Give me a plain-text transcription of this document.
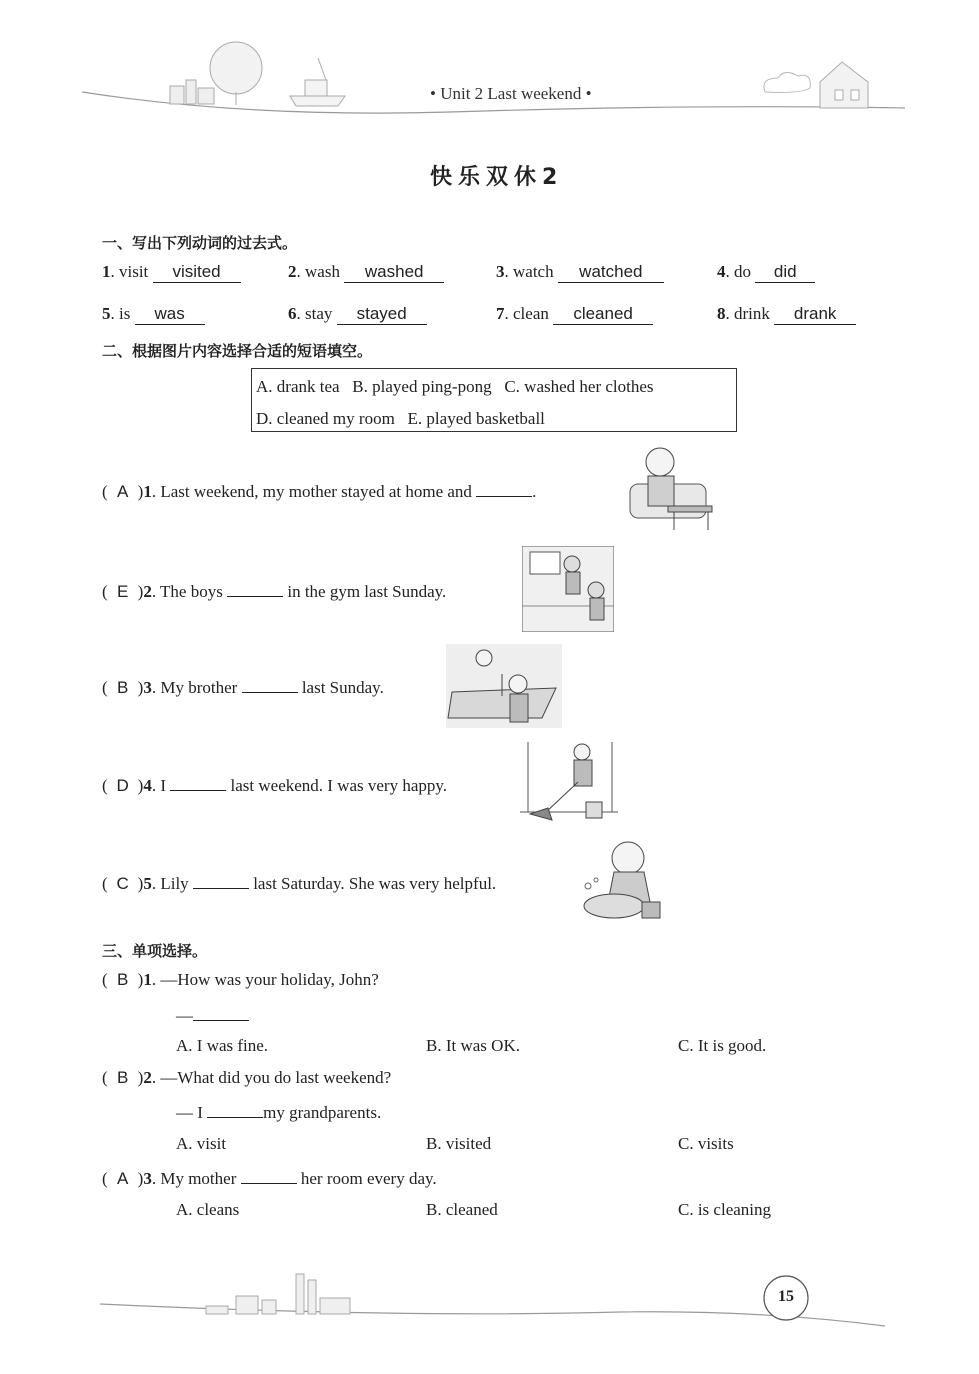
• Unit 2 Last weekend •
快乐双休2
一、写出下列动词的过去式。
1. visit visited	2. wash washed	3. watch watched	4. do did
5. is was	6. stay stayed	7. clean cleaned	8. drink drank
二、根据图片内容选择合适的短语填空。
A. drank tea   B. played ping-pong   C. washed her clothes
D. cleaned my room   E. played basketball
( A )1. Last weekend, my mother stayed at home and	.
( E )2. The boys	in the gym last Sunday.
( B )3. My brother	last Sunday.
( D )4. I	last weekend. I was very happy.
( C )5. Lily	last Saturday. She was very helpful.
三、单项选择。
( B )1. —How was your holiday, John?
—
A. I was fine.	B. It was OK.	C. It is good.
( B )2. —What did you do last weekend?
— I	my grandparents.
A. visit	B. visited	C. visits
( A )3. My mother	her room every day.
A. cleans	B. cleaned	C. is cleaning
15
